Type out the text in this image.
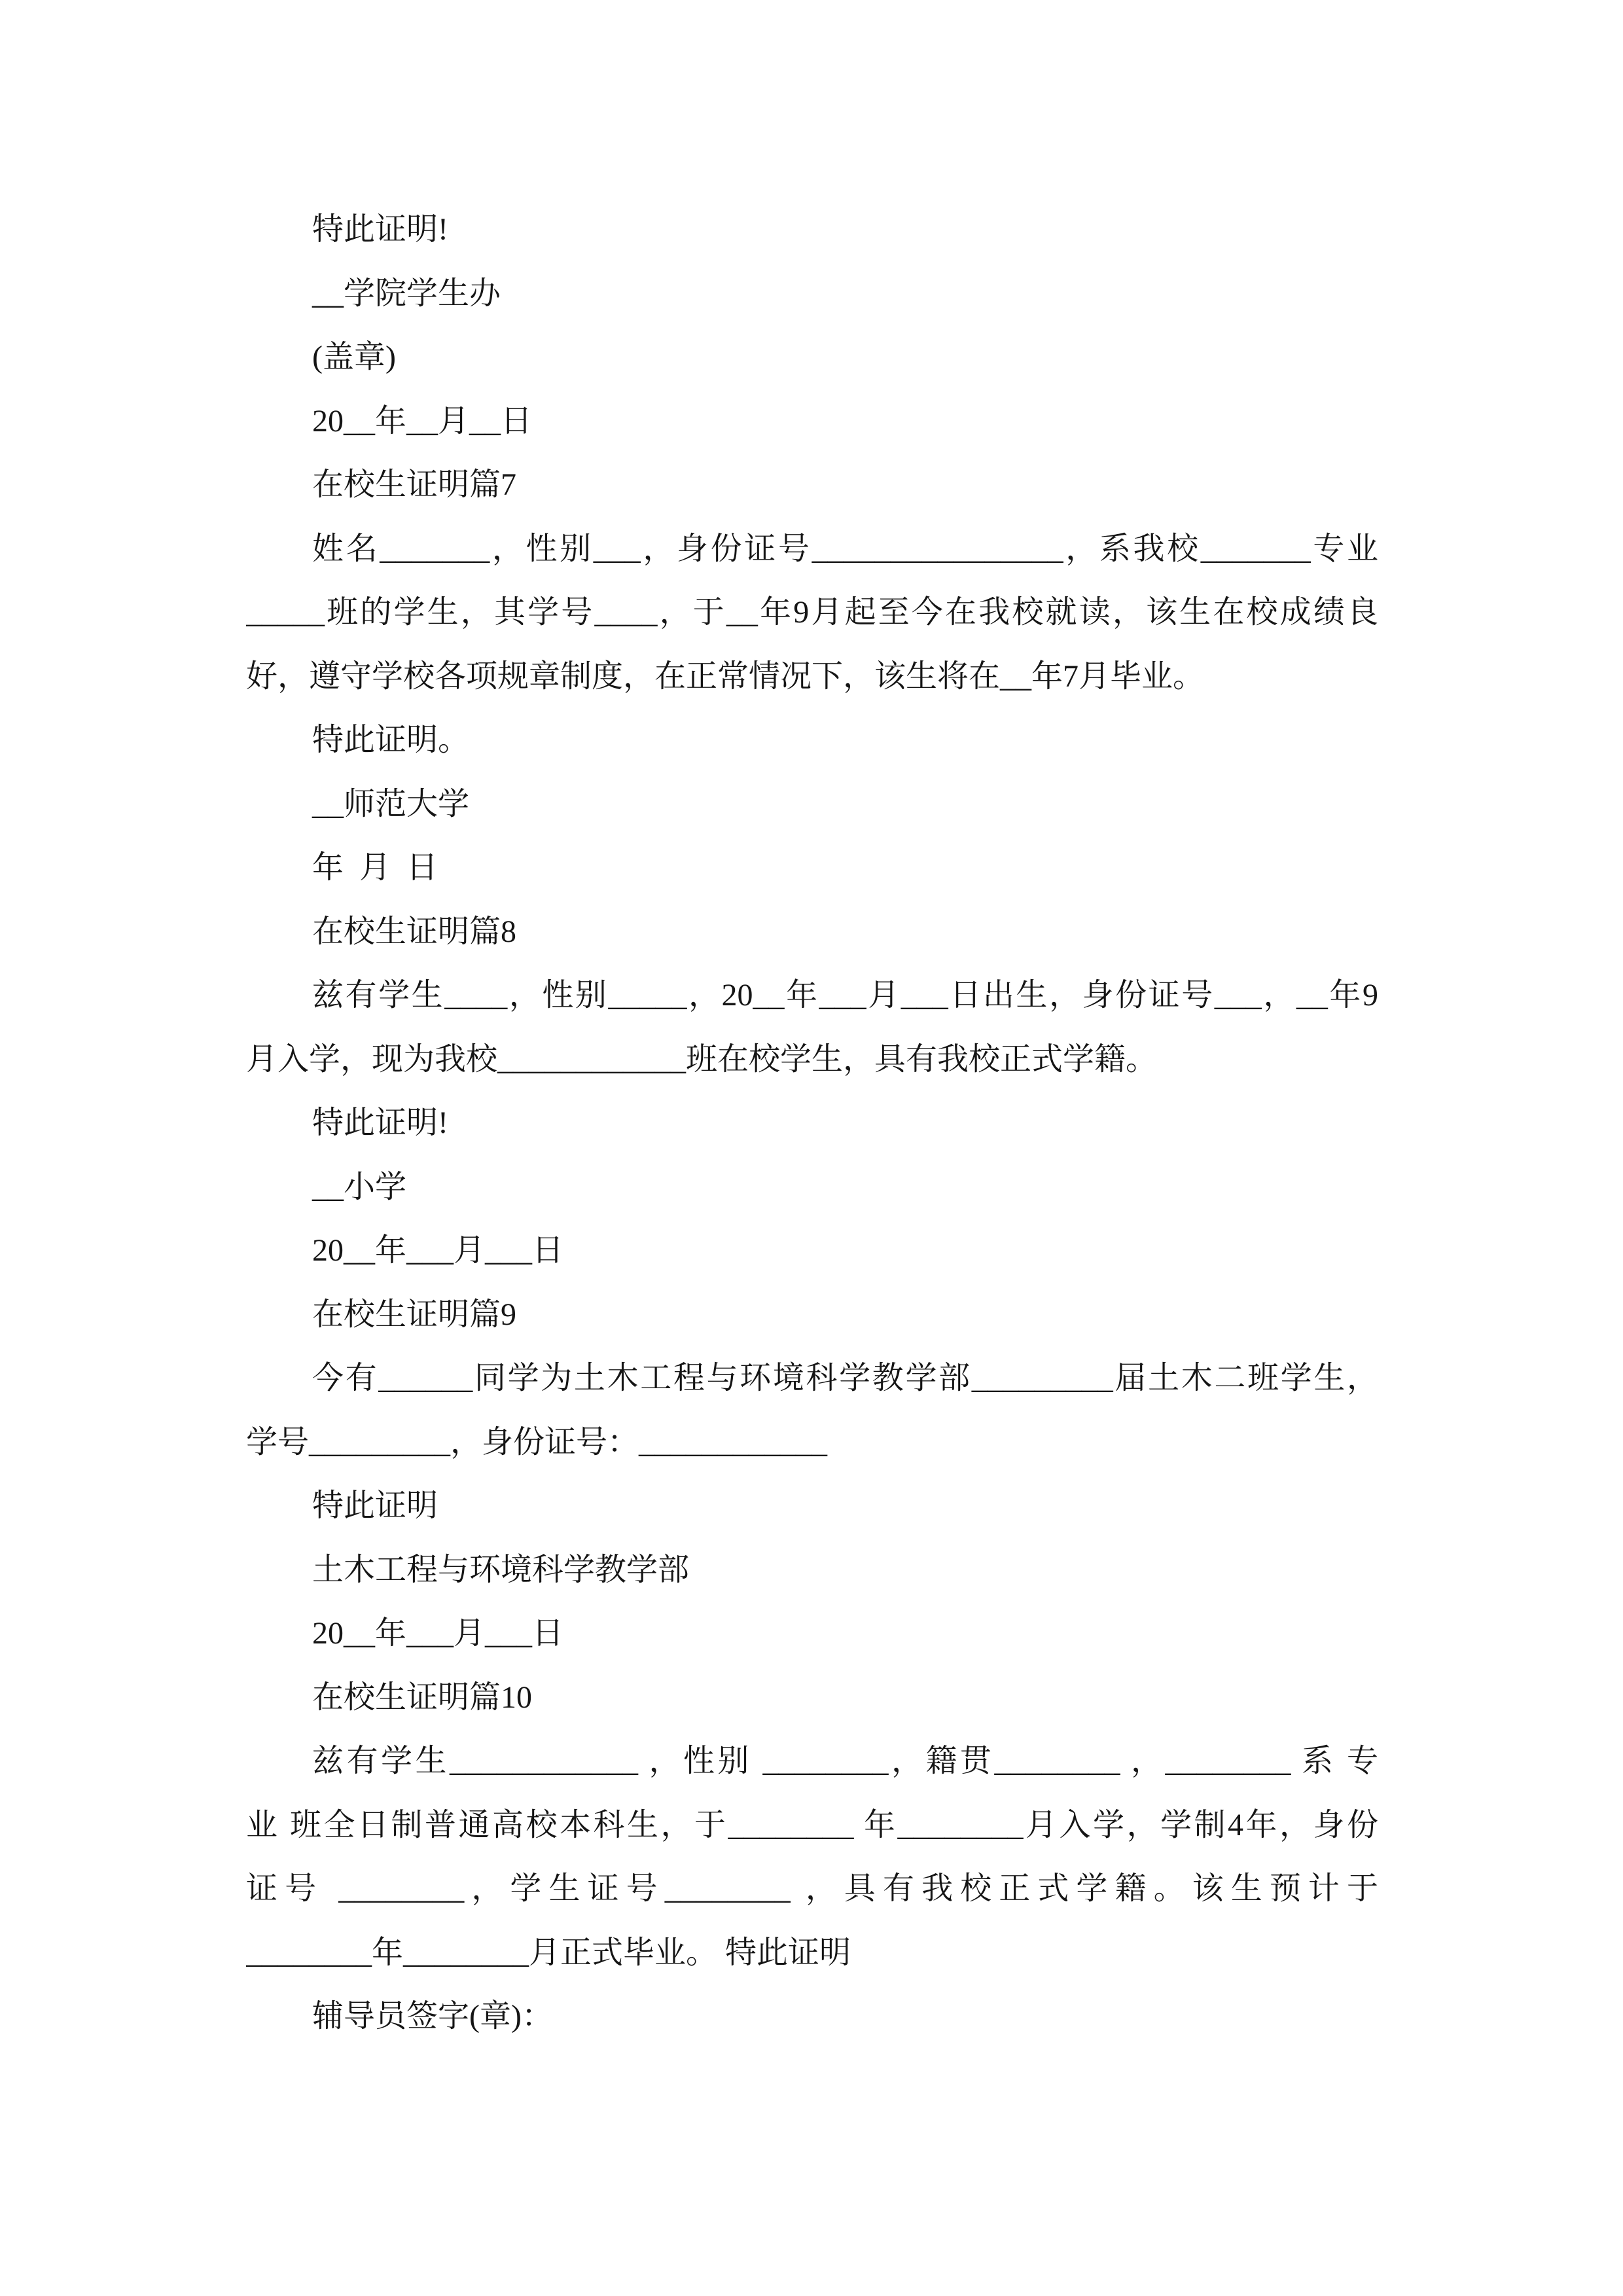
特此证明!
__学院学生办
(盖章)
20__年__月__日
在校生证明篇7
姓名_______，性别___，身份证号________________，系我校_______专业
_____班的学生，其学号____，于__年9月起至今在我校就读，该生在校成绩良
好，遵守学校各项规章制度，在正常情况下，该生将在__年7月毕业。
特此证明。
__师范大学
年  月  日
在校生证明篇8
兹有学生____，性别_____，20__年___月___日出生，身份证号___，__年9
月入学，现为我校____________班在校学生，具有我校正式学籍。
特此证明!
__小学
20__年___月___日
在校生证明篇9
今有______同学为土木工程与环境科学教学部_________届土木二班学生，
学号_________，身份证号：____________
特此证明
土木工程与环境科学教学部
20__年___月___日
在校生证明篇10
兹有学生____________ ，性别 ________，籍贯________ ，________ 系 专
业 班全日制普通高校本科生，于________ 年________月入学，学制4年，身份
证号 ________，学生证号________ ，具有我校正式学籍。该生预计于
________年________月正式毕业。 特此证明
辅导员签字(章)：
